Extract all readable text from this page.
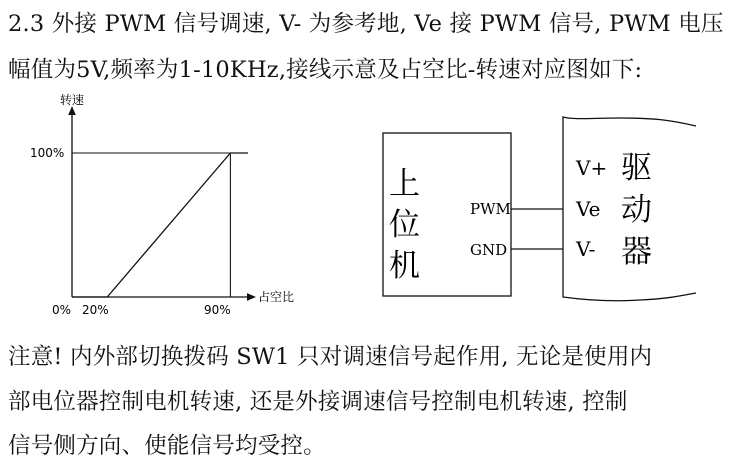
2.3 外接 PWM 信号调速, V- 为参考地, Ve 接 PWM 信号, PWM 电压
幅值为5V,频率为1-10KHz,接线示意及占空比-转速对应图如下:
转速
占空比
100%
0% 20%	90%
上
位
机
PWM
GND
V+
Ve
V-
驱
动
器
注意! 内外部切换拨码 SW1 只对调速信号起作用, 无论是使用内
部电位器控制电机转速, 还是外接调速信号控制电机转速, 控制
信号侧方向、使能信号均受控。
